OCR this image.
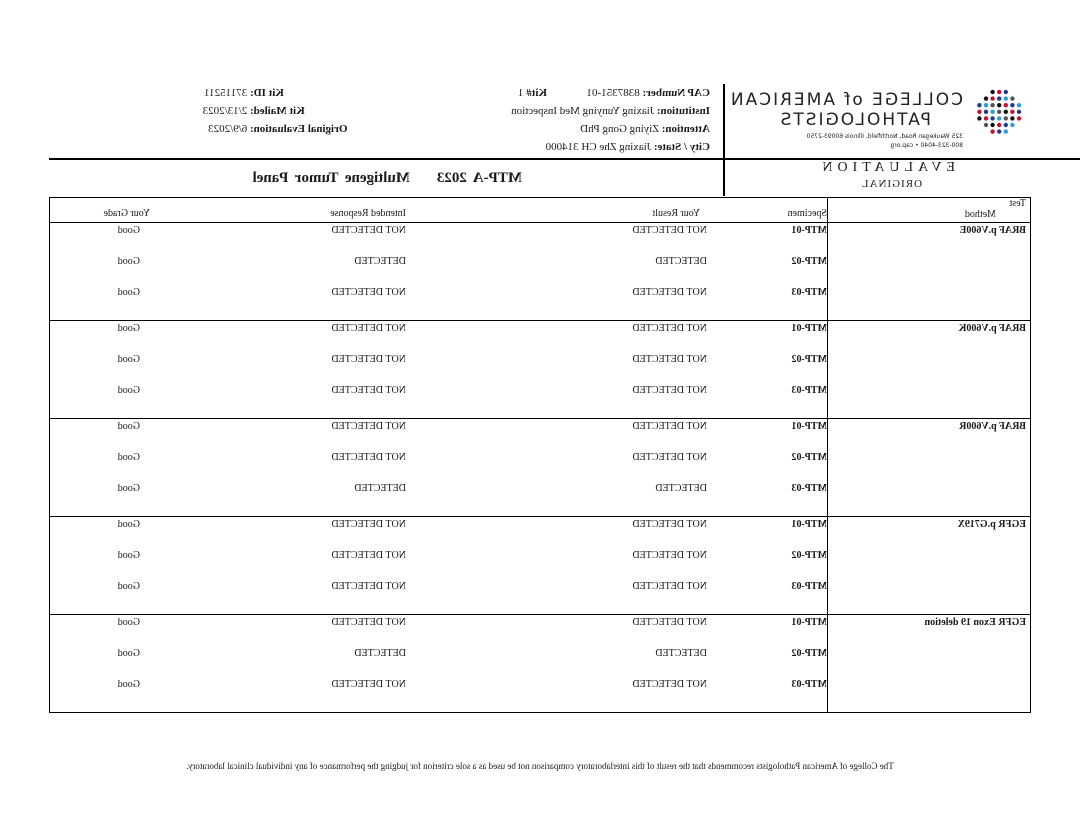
COLLEGE of AMERICAN
PATHOLOGISTS
325 Waukegan Road, Northfield, Illinois 60093-2750
800-323-4040 • cap.org
CAP Number: 8387351-01  Kit# 1
Institution: Jiaxing Yunying Med Inspection
Attention: Ziying Gong PhD
City / State: Jiaxing Zhe CH 314000
Kit ID: 37115211
Kit Mailed: 2/13/2023
Original Evaluation: 6/9/2023
EVALUATION
ORIGINAL
MTP-A 2023    Multigene Tumor Panel
Test
Method
Specimen
Your Result
Intended Response
Your Grade
BRAF p.V600E
MTP-01
NOT DETECTED
NOT DETECTED
Good
MTP-02
DETECTED
DETECTED
Good
MTP-03
NOT DETECTED
NOT DETECTED
Good
BRAF p.V600K
MTP-01
NOT DETECTED
NOT DETECTED
Good
MTP-02
NOT DETECTED
NOT DETECTED
Good
MTP-03
NOT DETECTED
NOT DETECTED
Good
BRAF p.V600R
MTP-01
NOT DETECTED
NOT DETECTED
Good
MTP-02
NOT DETECTED
NOT DETECTED
Good
MTP-03
DETECTED
DETECTED
Good
EGFR p.G719X
MTP-01
NOT DETECTED
NOT DETECTED
Good
MTP-02
NOT DETECTED
NOT DETECTED
Good
MTP-03
NOT DETECTED
NOT DETECTED
Good
EGFR Exon 19 deletion
MTP-01
NOT DETECTED
NOT DETECTED
Good
MTP-02
DETECTED
DETECTED
Good
MTP-03
NOT DETECTED
NOT DETECTED
Good
The College of American Pathologists recommends that the result of this interlaboratory comparison not be used as a sole criterion for judging the performance of any individual clinical laboratory.
